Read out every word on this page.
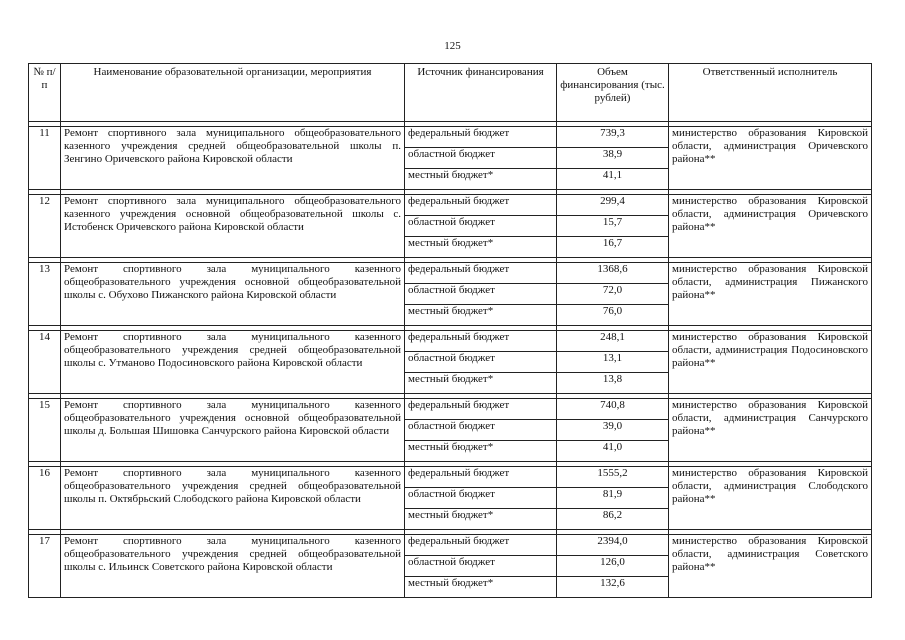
125
№ п/п	Наименование образовательной организации, мероприятия	Источник финансирования	Объем финансирования (тыс. рублей)	Ответственный исполнитель

11	Ремонт спортивного зала муниципального общеобразовательного казенного учреждения средней общеобразовательной школы п. Зенгино Оричевского района Кировской области	федеральный бюджет	739,3	министерство образования Кировской области, администрация Оричевского района**
		областной бюджет	38,9	
		местный бюджет*	41,1	

12	Ремонт спортивного зала муниципального общеобразовательного казенного учреждения основной общеобразовательной школы с. Истобенск Оричевского района Кировской области	федеральный бюджет	299,4	министерство образования Кировской области, администрация Оричевского района**
		областной бюджет	15,7	
		местный бюджет*	16,7	

13	Ремонт спортивного зала муниципального казенного общеобразовательного учреждения основной общеобразовательной школы с. Обухово Пижанского района Кировской области	федеральный бюджет	1368,6	министерство образования Кировской области, администрация Пижанского района**
		областной бюджет	72,0	
		местный бюджет*	76,0	

14	Ремонт спортивного зала муниципального казенного общеобразовательного учреждения средней общеобразовательной школы с. Утманово Подосиновского района Кировской области	федеральный бюджет	248,1	министерство образования Кировской области, администрация Подосиновского района**
		областной бюджет	13,1	
		местный бюджет*	13,8	

15	Ремонт спортивного зала муниципального казенного общеобразовательного учреждения основной общеобразовательной школы д. Большая Шишовка Санчурского района Кировской области	федеральный бюджет	740,8	министерство образования Кировской области, администрация Санчурского района**
		областной бюджет	39,0	
		местный бюджет*	41,0	

16	Ремонт спортивного зала муниципального казенного общеобразовательного учреждения средней общеобразовательной школы п. Октябрьский Слободского района Кировской области	федеральный бюджет	1555,2	министерство образования Кировской области, администрация Слободского района**
		областной бюджет	81,9	
		местный бюджет*	86,2	

17	Ремонт спортивного зала муниципального казенного общеобразовательного учреждения средней общеобразовательной школы с. Ильинск Советского района Кировской области	федеральный бюджет	2394,0	министерство образования Кировской области, администрация Советского района**
		областной бюджет	126,0	
		местный бюджет*	132,6	
